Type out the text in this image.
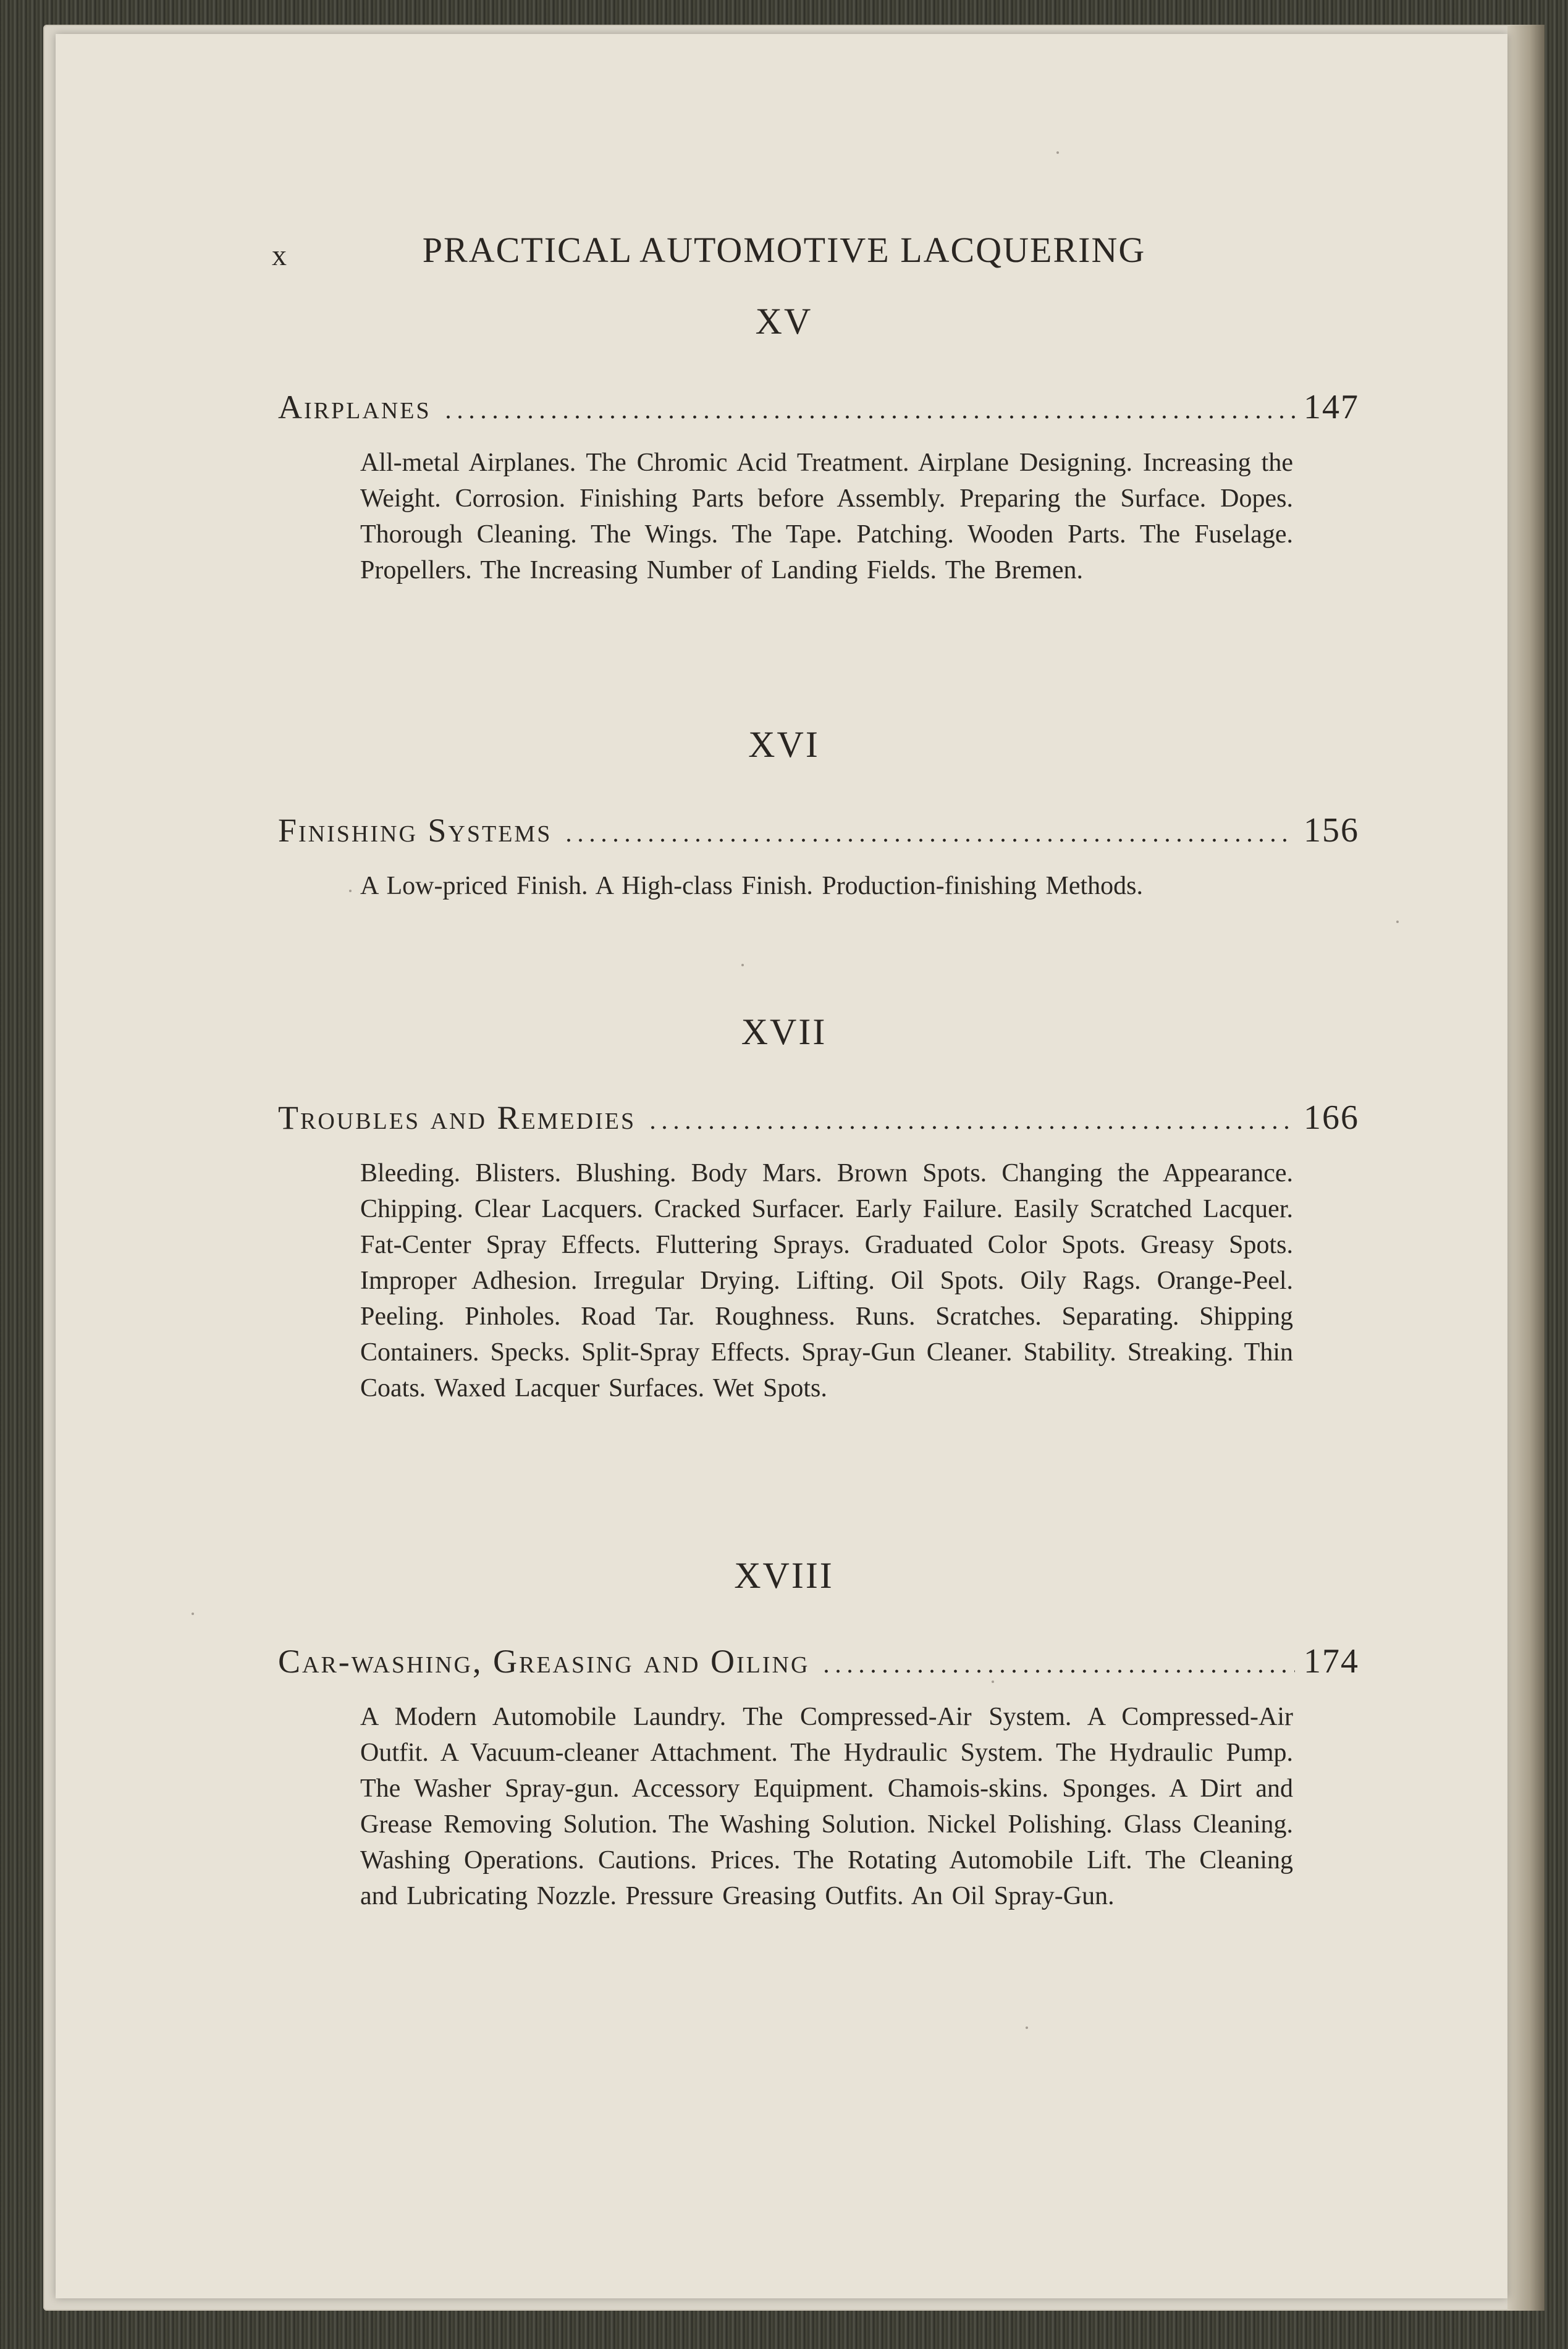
x	PRACTICAL AUTOMOTIVE LACQUERING
XV
Airplanes	147
All-metal Airplanes. The Chromic Acid Treatment. Airplane Designing. Increasing the Weight. Corrosion. Finishing Parts before Assembly. Preparing the Surface. Dopes. Thorough Cleaning. The Wings. The Tape. Patching. Wooden Parts. The Fuselage. Propellers. The Increasing Number of Landing Fields. The Bremen.
XVI
Finishing Systems	156
A Low-priced Finish. A High-class Finish. Production-finishing Methods.
XVII
Troubles and Remedies	166
Bleeding. Blisters. Blushing. Body Mars. Brown Spots. Changing the Appearance. Chipping. Clear Lacquers. Cracked Surfacer. Early Failure. Easily Scratched Lacquer. Fat-Center Spray Effects. Fluttering Sprays. Graduated Color Spots. Greasy Spots. Improper Adhesion. Irregular Drying. Lifting. Oil Spots. Oily Rags. Orange-Peel. Peeling. Pinholes. Road Tar. Roughness. Runs. Scratches. Separating. Shipping Containers. Specks. Split-Spray Effects. Spray-Gun Cleaner. Stability. Streaking. Thin Coats. Waxed Lacquer Surfaces. Wet Spots.
XVIII
Car-washing, Greasing and Oiling	174
A Modern Automobile Laundry. The Compressed-Air System. A Compressed-Air Outfit. A Vacuum-cleaner Attachment. The Hydraulic System. The Hydraulic Pump. The Washer Spray-gun. Accessory Equipment. Chamois-skins. Sponges. A Dirt and Grease Removing Solution. The Washing Solution. Nickel Polishing. Glass Cleaning. Washing Operations. Cautions. Prices. The Rotating Automobile Lift. The Cleaning and Lubricating Nozzle. Pressure Greasing Outfits. An Oil Spray-Gun.
